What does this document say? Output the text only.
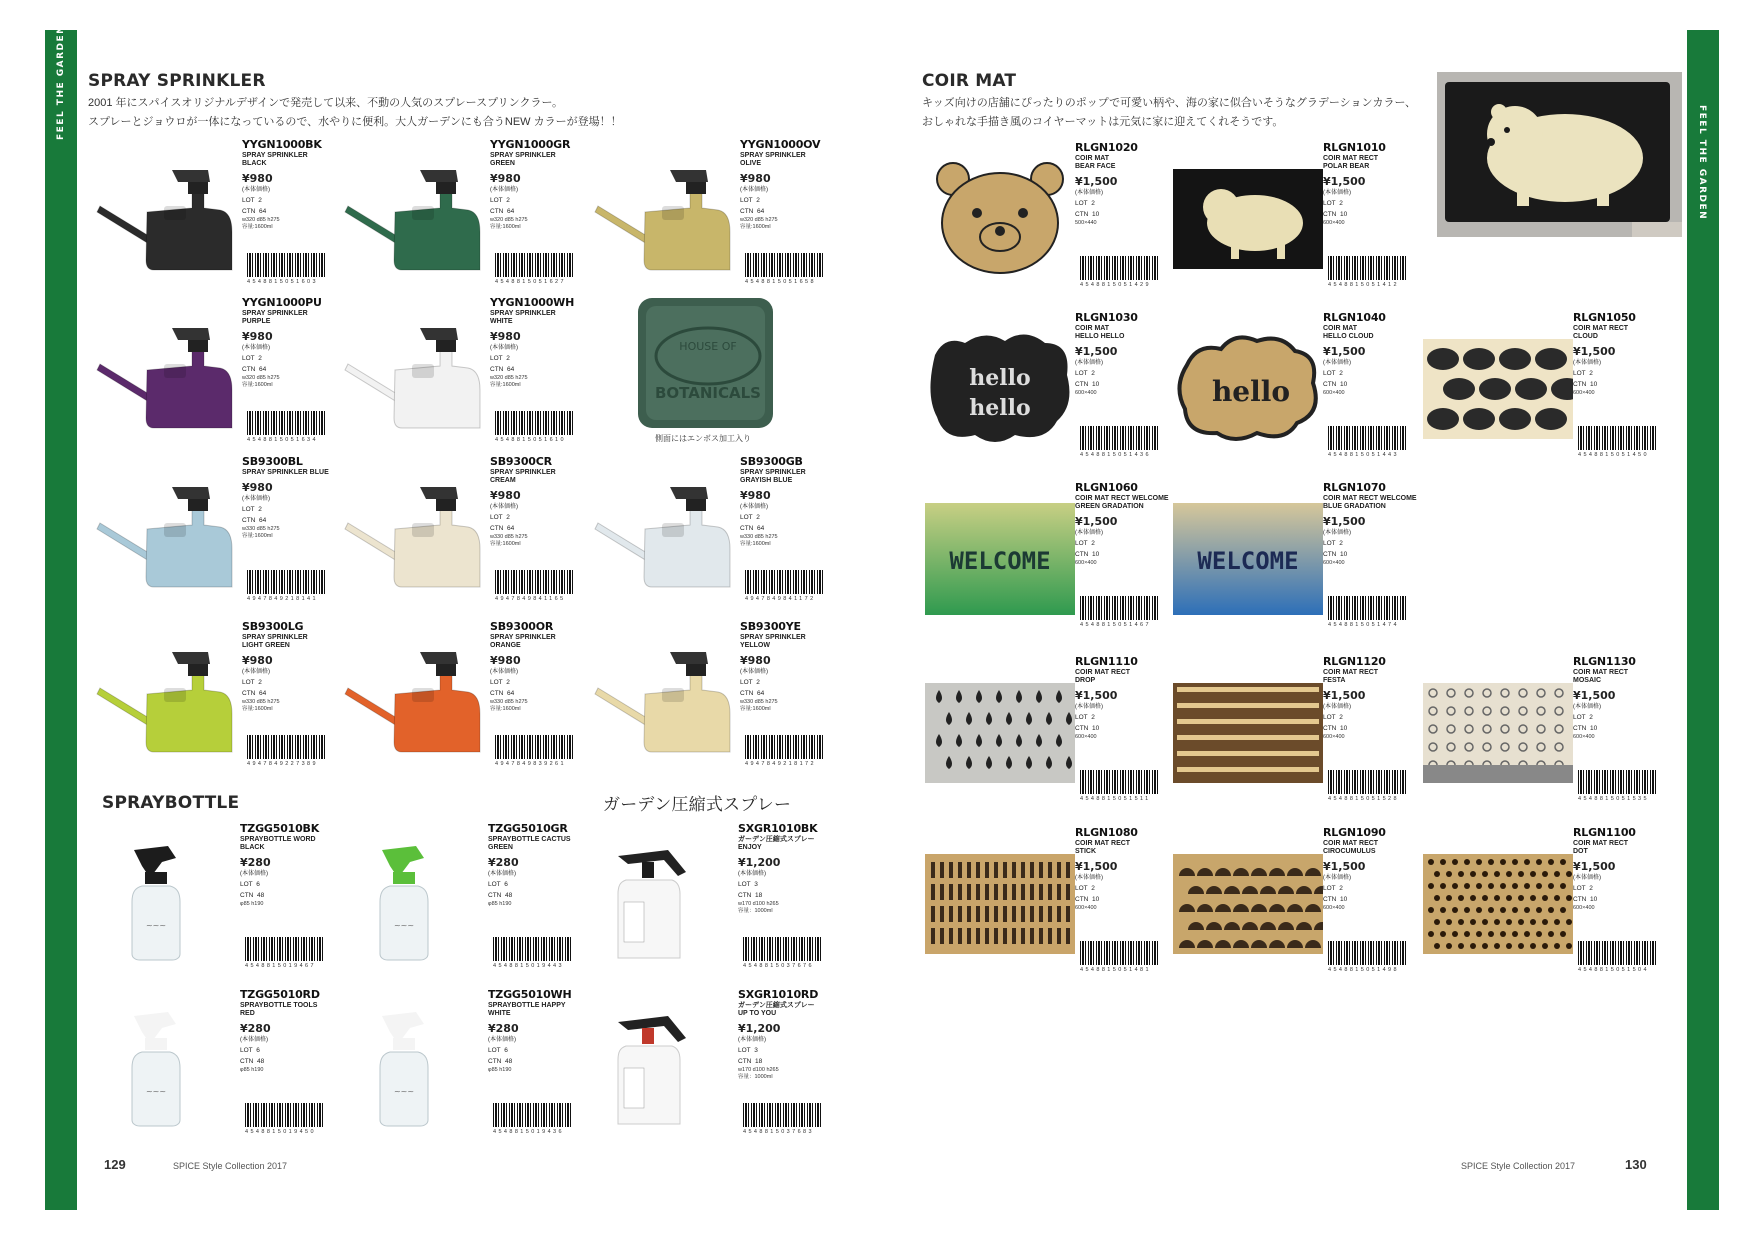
FEEL THE GARDEN
FEEL THE GARDEN
SPRAY SPRINKLER
2001 年にスパイスオリジナルデザインで発売して以来、不動の人気のスプレースプリンクラー。
スプレーとジョウロが一体になっているので、水やりに便利。大人ガーデンにも合うNEW カラーが登場！！
COIR MAT
キッズ向けの店舗にぴったりのポップで可愛い柄や、海の家に似合いそうなグラデーションカラー、
おしゃれな手描き風のコイヤーマットは元気に家に迎えてくれそうです。
HOUSE OF
BOTANICALS
側面にはエンボス加工入り
SPRAYBOTTLE	ガーデン圧縮式スプレー
YYGN1000BK
SPRAY SPRINKLER
BLACK
¥980
(本体価格)
LOT  2
CTN  64
w320 d85 h275
容量:1600ml
4548815051603
YYGN1000GR
SPRAY SPRINKLER
GREEN
¥980
(本体価格)
LOT  2
CTN  64
w320 d85 h275
容量:1600ml
4548815051627
YYGN1000OV
SPRAY SPRINKLER
OLIVE
¥980
(本体価格)
LOT  2
CTN  64
w320 d85 h275
容量:1600ml
4548815051658
YYGN1000PU
SPRAY SPRINKLER
PURPLE
¥980
(本体価格)
LOT  2
CTN  64
w320 d85 h275
容量:1600ml
4548815051634
YYGN1000WH
SPRAY SPRINKLER
WHITE
¥980
(本体価格)
LOT  2
CTN  64
w320 d85 h275
容量:1600ml
4548815051610
SB9300BL
SPRAY SPRINKLER BLUE
¥980
(本体価格)
LOT  2
CTN  64
w330 d85 h275
容量:1600ml
4947849218141
SB9300CR
SPRAY SPRINKLER
CREAM
¥980
(本体価格)
LOT  2
CTN  64
w330 d85 h275
容量:1600ml
4947849841165
SB9300GB
SPRAY SPRINKLER
GRAYISH BLUE
¥980
(本体価格)
LOT  2
CTN  64
w330 d85 h275
容量:1600ml
4947849841172
SB9300LG
SPRAY SPRINKLER
LIGHT GREEN
¥980
(本体価格)
LOT  2
CTN  64
w330 d85 h275
容量:1600ml
4947849227389
SB9300OR
SPRAY SPRINKLER
ORANGE
¥980
(本体価格)
LOT  2
CTN  64
w330 d85 h275
容量:1600ml
4947849839261
SB9300YE
SPRAY SPRINKLER
YELLOW
¥980
(本体価格)
LOT  2
CTN  64
w330 d85 h275
容量:1600ml
4947849218172
~~~
TZGG5010BK
SPRAYBOTTLE WORD
BLACK
¥280
(本体価格)
LOT  6
CTN  48
φ85 h190
4548815019467
~~~
TZGG5010GR
SPRAYBOTTLE CACTUS
GREEN
¥280
(本体価格)
LOT  6
CTN  48
φ85 h190
4548815019443
SXGR1010BK
ガーデン圧縮式スプレー
ENJOY
¥1,200
(本体価格)
LOT  3
CTN  18
w170 d100 h265
容量：1000ml
4548815037676
~~~
TZGG5010RD
SPRAYBOTTLE TOOLS
RED
¥280
(本体価格)
LOT  6
CTN  48
φ85 h190
4548815019450
~~~
TZGG5010WH
SPRAYBOTTLE HAPPY
WHITE
¥280
(本体価格)
LOT  6
CTN  48
φ85 h190
4548815019436
SXGR1010RD
ガーデン圧縮式スプレー
UP TO YOU
¥1,200
(本体価格)
LOT  3
CTN  18
w170 d100 h265
容量：1000ml
4548815037683
RLGN1020
COIR MAT
BEAR FACE
¥1,500
(本体価格)
LOT  2
CTN  10
500×440
4548815051429
RLGN1010
COIR MAT RECT
POLAR BEAR
¥1,500
(本体価格)
LOT  2
CTN  10
600×400
4548815051412
hello
hello
RLGN1030
COIR MAT
HELLO HELLO
¥1,500
(本体価格)
LOT  2
CTN  10
600×400
4548815051436
hello
RLGN1040
COIR MAT
HELLO CLOUD
¥1,500
(本体価格)
LOT  2
CTN  10
600×400
4548815051443
RLGN1050
COIR MAT RECT
CLOUD
¥1,500
(本体価格)
LOT  2
CTN  10
600×400
4548815051450
WELCOME
RLGN1060
COIR MAT RECT WELCOME
GREEN GRADATION
¥1,500
(本体価格)
LOT  2
CTN  10
600×400
4548815051467
WELCOME
RLGN1070
COIR MAT RECT WELCOME
BLUE GRADATION
¥1,500
(本体価格)
LOT  2
CTN  10
600×400
4548815051474
RLGN1110
COIR MAT RECT
DROP
¥1,500
(本体価格)
LOT  2
CTN  10
600×400
4548815051511
RLGN1120
COIR MAT RECT
FESTA
¥1,500
(本体価格)
LOT  2
CTN  10
600×400
4548815051528
RLGN1130
COIR MAT RECT
MOSAIC
¥1,500
(本体価格)
LOT  2
CTN  10
600×400
4548815051535
RLGN1080
COIR MAT RECT
STICK
¥1,500
(本体価格)
LOT  2
CTN  10
600×400
4548815051481
RLGN1090
COIR MAT RECT
CIROCUMULUS
¥1,500
(本体価格)
LOT  2
CTN  10
600×400
4548815051498
RLGN1100
COIR MAT RECT
DOT
¥1,500
(本体価格)
LOT  2
CTN  10
600×400
4548815051504
129	SPICE Style Collection 2017	SPICE Style Collection 2017	130
